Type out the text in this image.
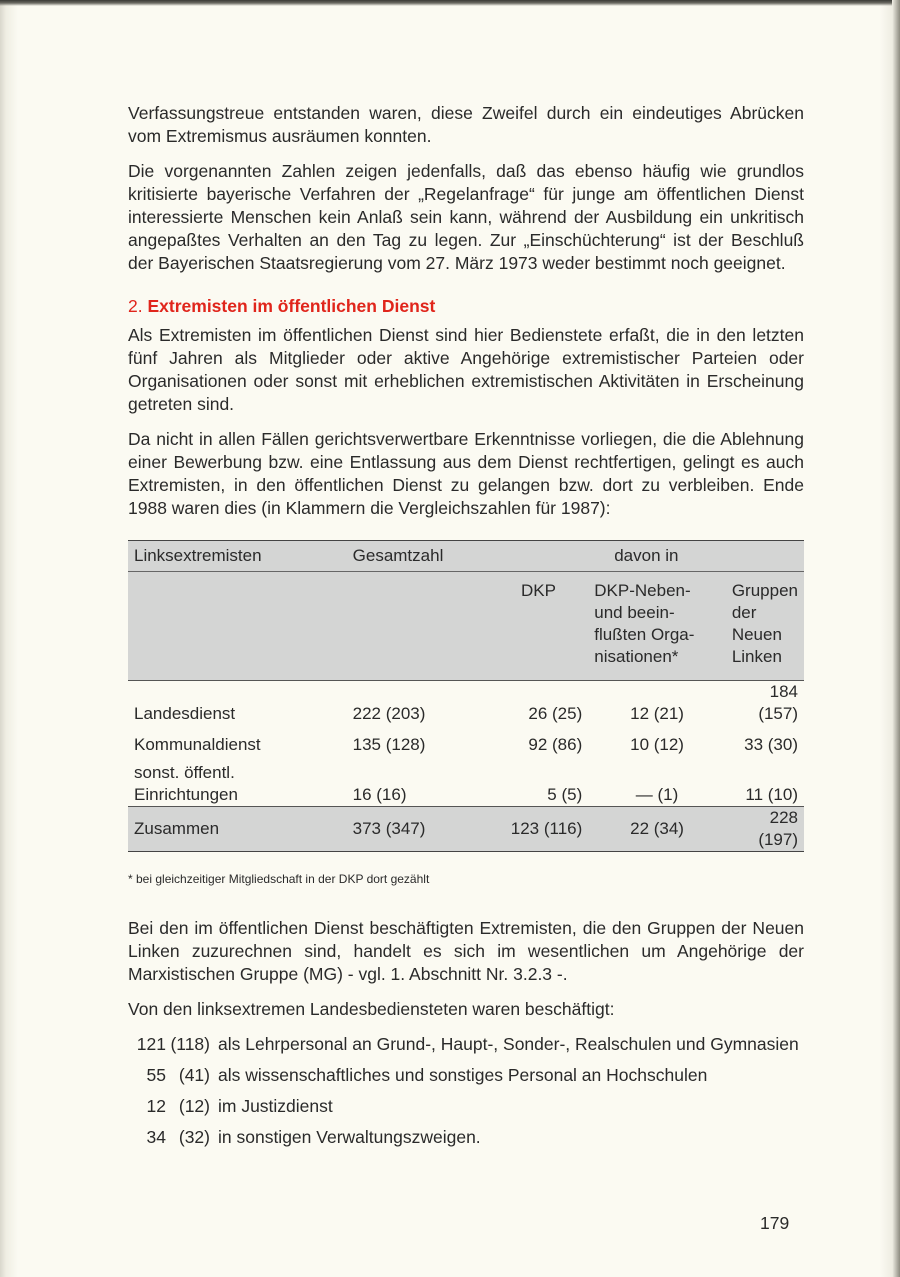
Verfassungstreue entstanden waren, diese Zweifel durch ein eindeutiges Abrücken vom Extremismus ausräumen konnten.

Die vorgenannten Zahlen zeigen jedenfalls, daß das ebenso häufig wie grundlos kritisierte bayerische Verfahren der „Regelanfrage“ für junge am öffentlichen Dienst interessierte Menschen kein Anlaß sein kann, während der Ausbildung ein unkritisch angepaßtes Verhalten an den Tag zu legen. Zur „Einschüchterung“ ist der Beschluß der Bayerischen Staatsregierung vom 27. März 1973 weder bestimmt noch geeignet.

2. Extremisten im öffentlichen Dienst

Als Extremisten im öffentlichen Dienst sind hier Bedienstete erfaßt, die in den letzten fünf Jahren als Mitglieder oder aktive Angehörige extremistischer Parteien oder Organisationen oder sonst mit erheblichen extremistischen Aktivitäten in Erscheinung getreten sind.

Da nicht in allen Fällen gerichtsverwertbare Erkenntnisse vorliegen, die die Ablehnung einer Bewerbung bzw. eine Entlassung aus dem Dienst rechtfertigen, gelingt es auch Extremisten, in den öffentlichen Dienst zu gelangen bzw. dort zu verbleiben. Ende 1988 waren dies (in Klammern die Vergleichszahlen für 1987):

Linksextremisten	Gesamtzahl	davon in		
		DKP	DKP-Neben- und beein- flußten Orga- nisationen*	Gruppen der Neuen Linken
Landesdienst	222 (203)	26 (25)	12 (21)	184 (157)
Kommunaldienst	135 (128)	92 (86)	10 (12)	33 (30)
sonst. öffentl. Einrichtungen	16 (16)	5 (5)	— (1)	11 (10)
Zusammen	373 (347)	123 (116)	22 (34)	228 (197)
* bei gleichzeitiger Mitgliedschaft in der DKP dort gezählt

Bei den im öffentlichen Dienst beschäftigten Extremisten, die den Gruppen der Neuen Linken zuzurechnen sind, handelt es sich im wesentlichen um Angehörige der Marxistischen Gruppe (MG) - vgl. 1. Abschnitt Nr. 3.2.3 -.

Von den linksextremen Landesbediensteten waren beschäftigt:

121 (118) als Lehrpersonal an Grund-, Haupt-, Sonder-, Realschulen und Gymnasien
55 (41) als wissenschaftliches und sonstiges Personal an Hochschulen
12 (12) im Justizdienst
34 (32) in sonstigen Verwaltungszweigen.
179
